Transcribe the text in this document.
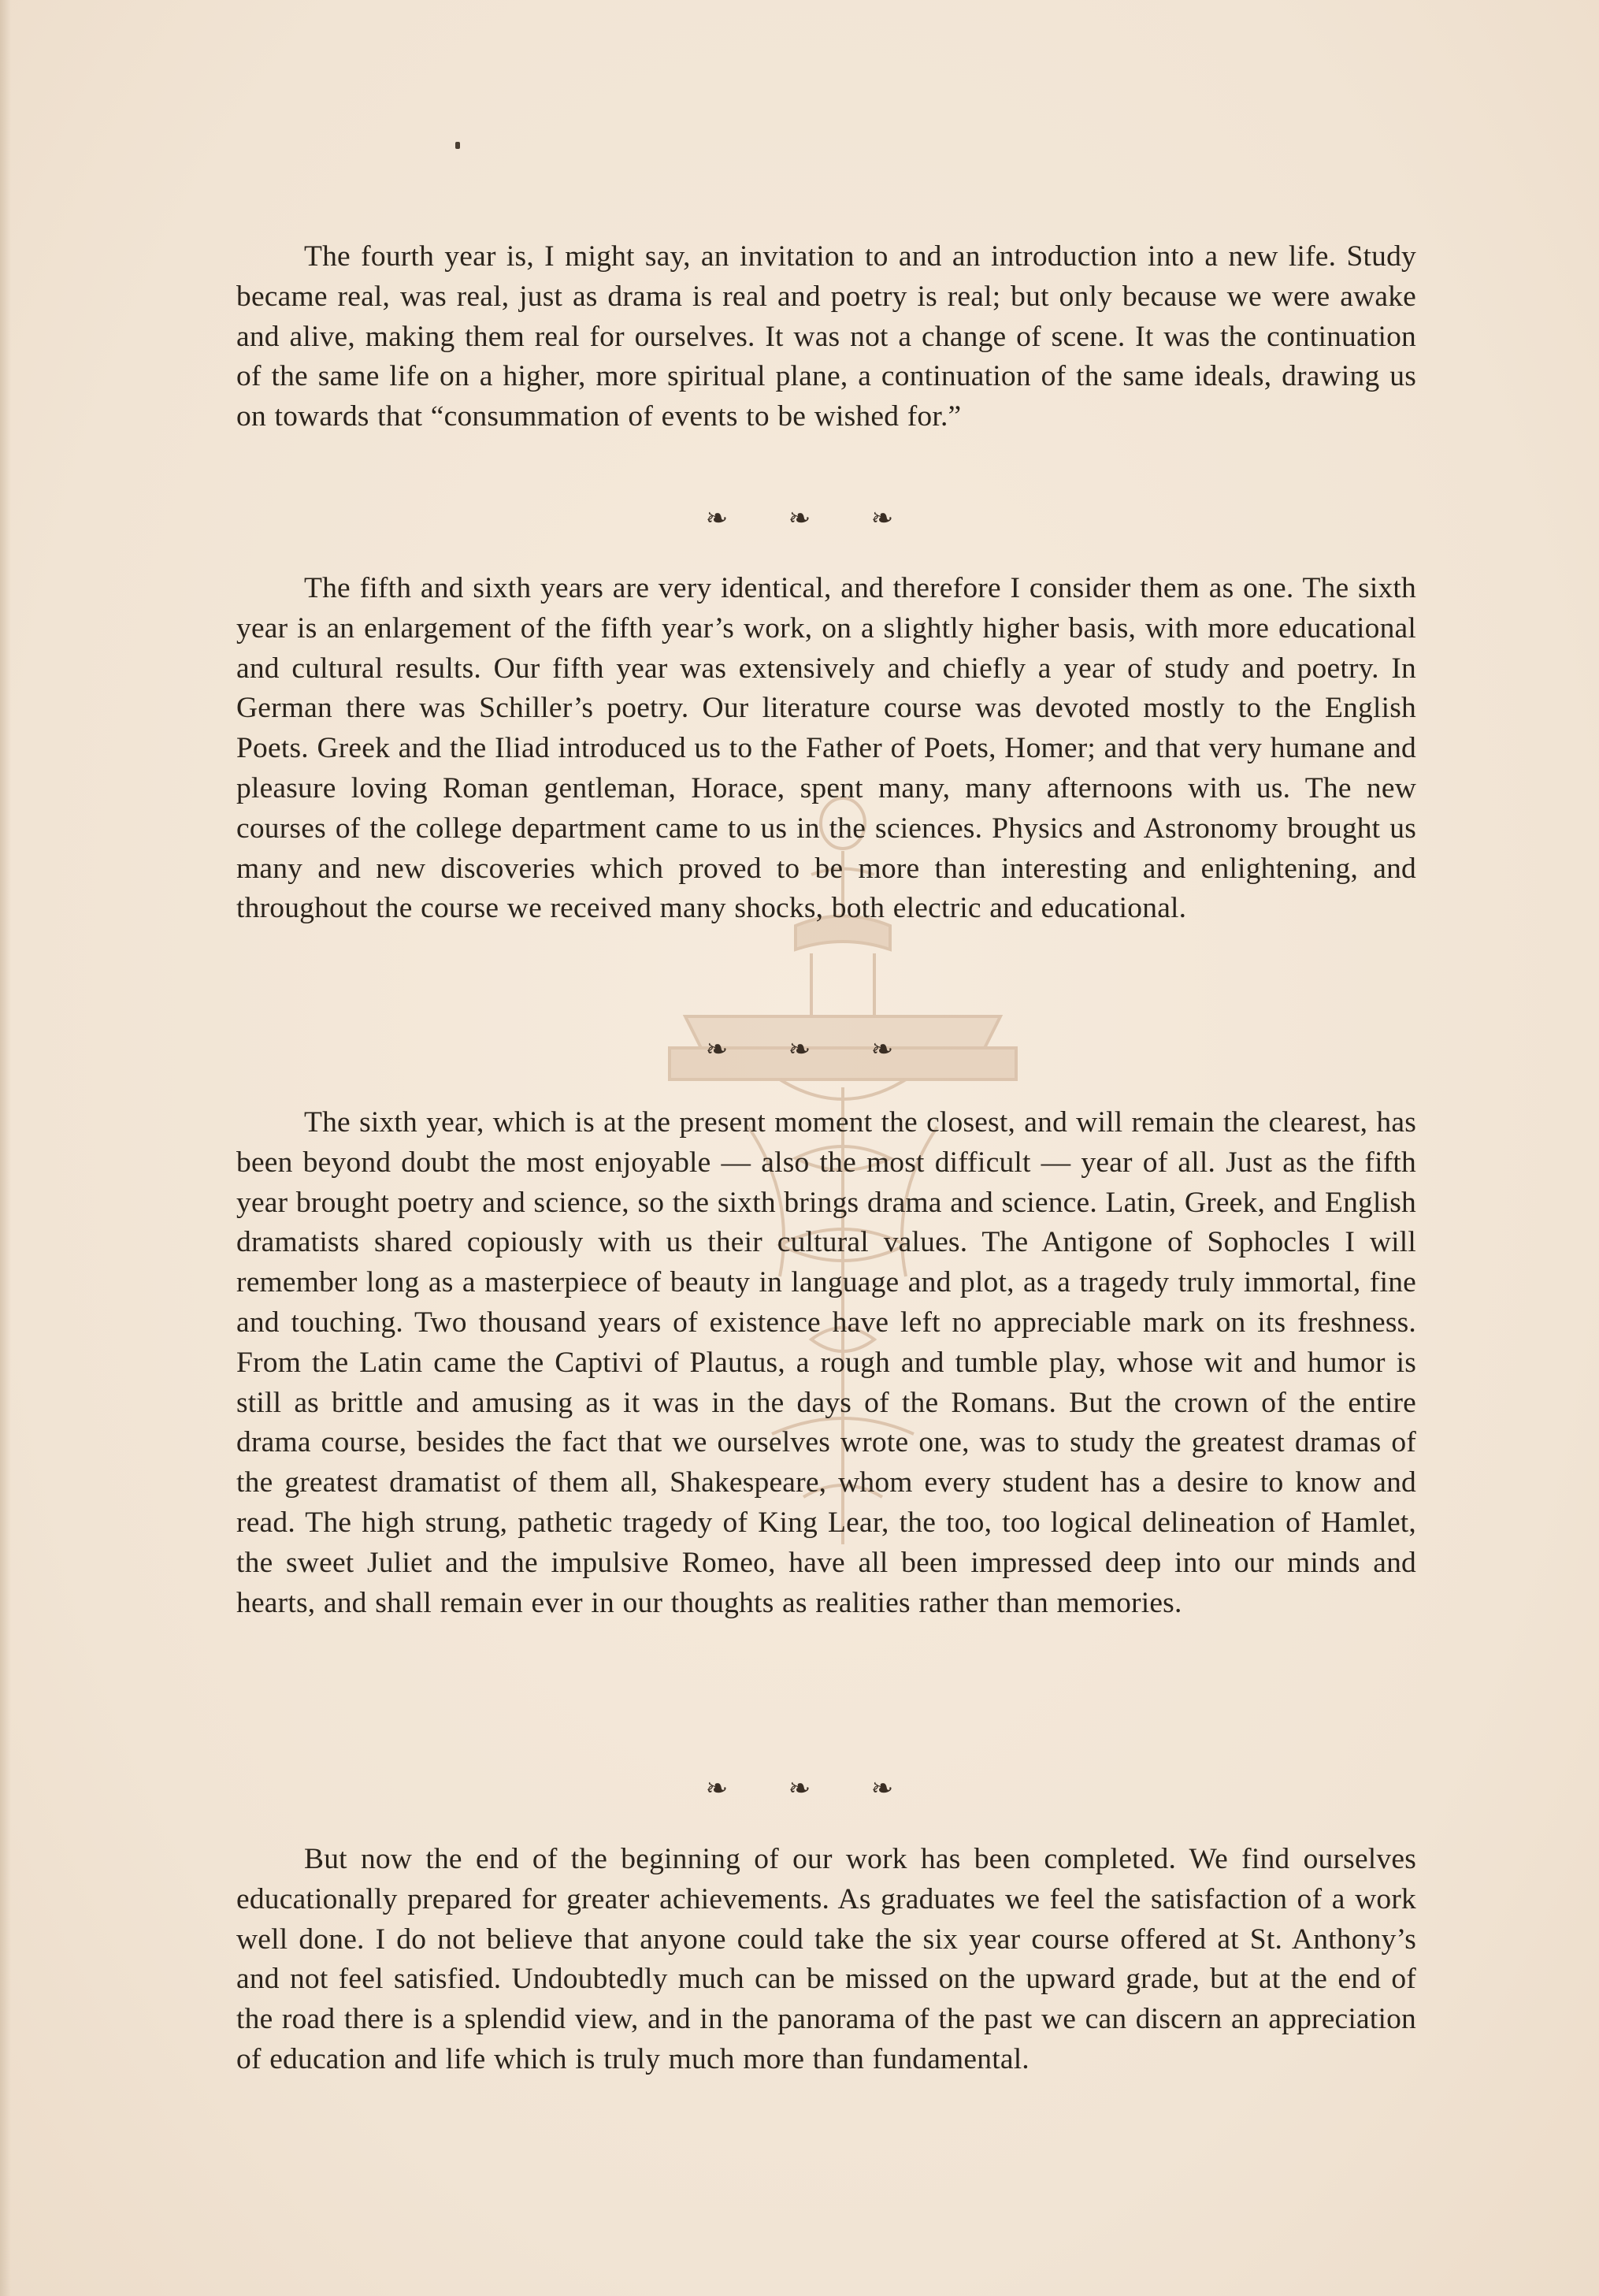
The fourth year is, I might say, an invitation to and an introduction into a new life. Study became real, was real, just as drama is real and poetry is real; but only because we were awake and alive, making them real for ourselves. It was not a change of scene. It was the continuation of the same life on a higher, more spiritual plane, a continuation of the same ideals, drawing us on towards that “consummation of events to be wished for.”

❧ ❧ ❧

The fifth and sixth years are very identical, and therefore I consider them as one. The sixth year is an enlargement of the fifth year’s work, on a slightly higher basis, with more educational and cultural results. Our fifth year was extensively and chiefly a year of study and poetry. In German there was Schiller’s poetry. Our literature course was devoted mostly to the English Poets. Greek and the Iliad introduced us to the Father of Poets, Homer; and that very humane and pleasure loving Roman gentleman, Horace, spent many, many afternoons with us. The new courses of the college department came to us in the sciences. Physics and Astronomy brought us many and new discoveries which proved to be more than interesting and enlightening, and throughout the course we received many shocks, both electric and educational.

❧ ❧ ❧

The sixth year, which is at the present moment the closest, and will remain the clearest, has been beyond doubt the most enjoyable — also the most difficult — year of all. Just as the fifth year brought poetry and science, so the sixth brings drama and science. Latin, Greek, and English dramatists shared copiously with us their cultural values. The Antigone of Sophocles I will remember long as a masterpiece of beauty in language and plot, as a tragedy truly immortal, fine and touching. Two thousand years of existence have left no appreciable mark on its freshness. From the Latin came the Captivi of Plautus, a rough and tumble play, whose wit and humor is still as brittle and amusing as it was in the days of the Romans. But the crown of the entire drama course, besides the fact that we ourselves wrote one, was to study the greatest dramas of the greatest dramatist of them all, Shakespeare, whom every student has a desire to know and read. The high strung, pathetic tragedy of King Lear, the too, too logical delineation of Hamlet, the sweet Juliet and the impulsive Romeo, have all been impressed deep into our minds and hearts, and shall remain ever in our thoughts as realities rather than memories.

❧ ❧ ❧

But now the end of the beginning of our work has been completed. We find ourselves educationally prepared for greater achievements. As graduates we feel the satisfaction of a work well done. I do not believe that anyone could take the six year course offered at St. Anthony’s and not feel satisfied. Undoubtedly much can be missed on the upward grade, but at the end of the road there is a splendid view, and in the panorama of the past we can discern an appreciation of education and life which is truly much more than fundamental.
